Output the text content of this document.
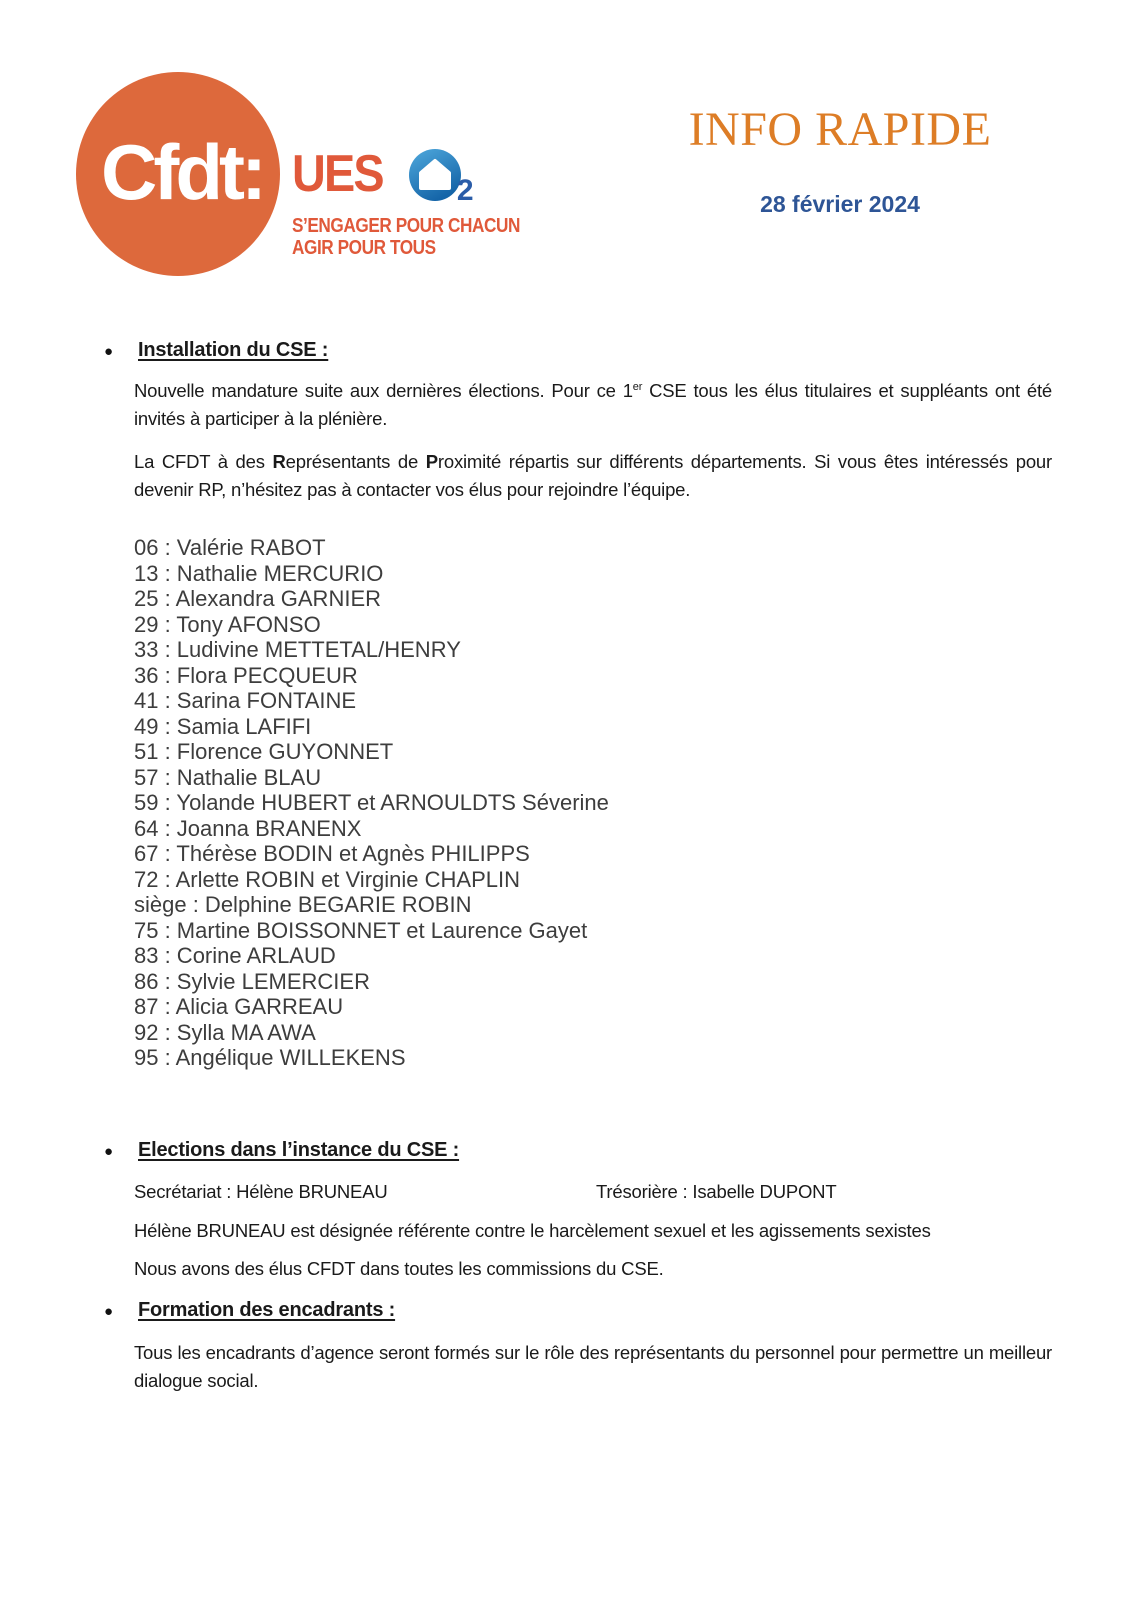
Cfdt: UES 2
S’ENGAGER POUR CHACUN
AGIR POUR TOUS
INFO RAPIDE
28 février 2024
●	Installation du CSE :
Nouvelle mandature suite aux dernières élections. Pour ce 1er CSE tous les élus titulaires et suppléants ont été invités à participer à la plénière.
La CFDT à des Représentants de Proximité répartis sur différents départements. Si vous êtes intéressés pour devenir RP, n’hésitez pas à contacter vos élus pour rejoindre l’équipe.
06 : Valérie RABOT
13 : Nathalie MERCURIO
25 : Alexandra GARNIER
29 : Tony AFONSO
33 : Ludivine METTETAL/HENRY
36 : Flora PECQUEUR
41 : Sarina FONTAINE
49 : Samia LAFIFI
51 : Florence GUYONNET
57 : Nathalie BLAU
59 : Yolande HUBERT et ARNOULDTS Séverine
64 : Joanna BRANENX
67 : Thérèse BODIN et Agnès PHILIPPS
72 : Arlette ROBIN et Virginie CHAPLIN
siège : Delphine BEGARIE ROBIN
75 : Martine BOISSONNET et Laurence Gayet
83 : Corine ARLAUD
86 : Sylvie LEMERCIER
87 : Alicia GARREAU
92 : Sylla MA AWA
95 : Angélique WILLEKENS
●	Elections dans l’instance du CSE :
Secrétariat : Hélène BRUNEAU	Trésorière : Isabelle DUPONT
Hélène BRUNEAU est désignée référente contre le harcèlement sexuel et les agissements sexistes
Nous avons des élus CFDT dans toutes les commissions du CSE.
●	Formation des encadrants :
Tous les encadrants d’agence seront formés sur le rôle des représentants du personnel pour permettre un meilleur dialogue social.
